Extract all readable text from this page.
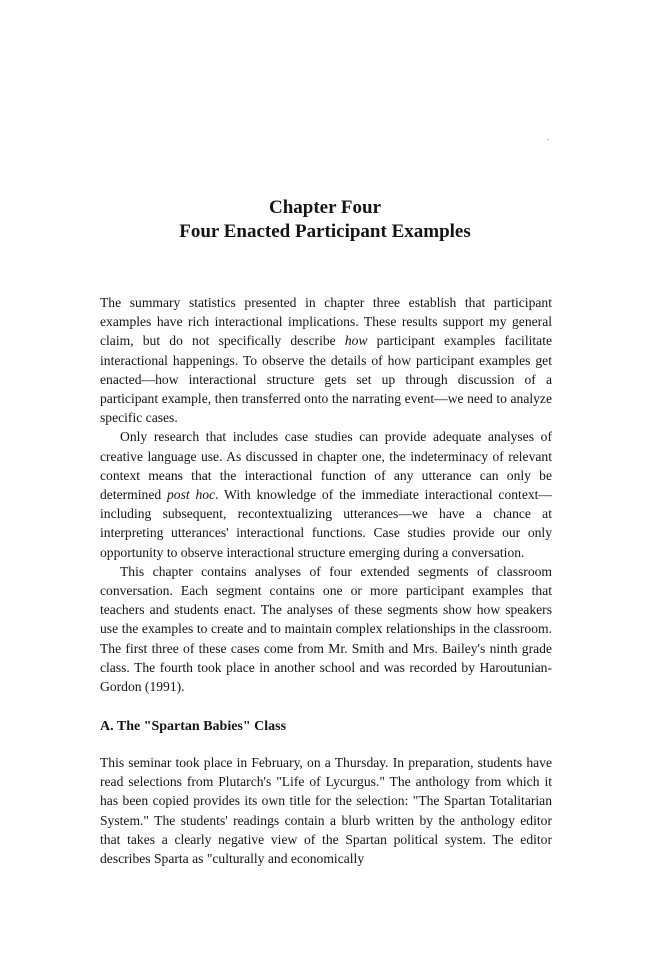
Chapter Four
Four Enacted Participant Examples

The summary statistics presented in chapter three establish that participant examples have rich interactional implications. These results support my general claim, but do not specifically describe how participant examples facilitate interactional happenings. To observe the details of how participant examples get enacted—how interactional structure gets set up through discussion of a participant example, then transferred onto the narrating event—we need to analyze specific cases.

Only research that includes case studies can provide adequate analyses of creative language use. As discussed in chapter one, the indeterminacy of relevant context means that the interactional function of any utterance can only be determined post hoc. With knowledge of the immediate interactional context—including subsequent, recontextualizing utterances—we have a chance at interpreting utterances' interactional functions. Case studies provide our only opportunity to observe interactional structure emerging during a conversation.

This chapter contains analyses of four extended segments of classroom conversation. Each segment contains one or more participant examples that teachers and students enact. The analyses of these segments show how speakers use the examples to create and to maintain complex relationships in the classroom. The first three of these cases come from Mr. Smith and Mrs. Bailey's ninth grade class. The fourth took place in another school and was recorded by Haroutunian-Gordon (1991).

A. The "Spartan Babies" Class

This seminar took place in February, on a Thursday. In preparation, students have read selections from Plutarch's "Life of Lycurgus." The anthology from which it has been copied provides its own title for the selection: "The Spartan Totalitarian System." The students' readings contain a blurb written by the anthology editor that takes a clearly negative view of the Spartan political system. The editor describes Sparta as "culturally and economically
